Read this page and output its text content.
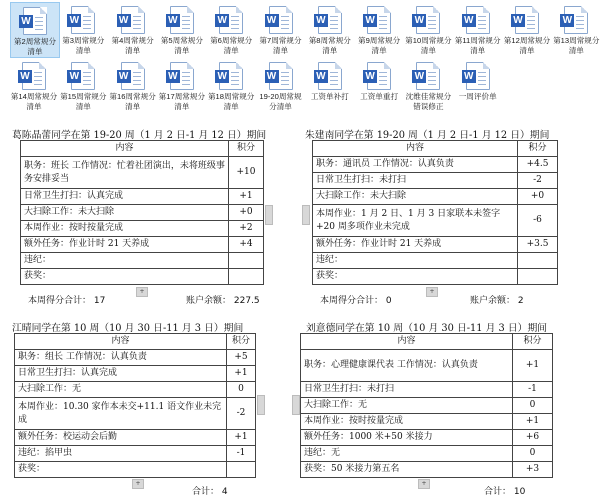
W
第2周常规分清单
W
第3周常规分清单
W
第4周常规分清单
W
第5周常规分清单
W
第6周常规分清单
W
第7周常规分清单
W
第8周常规分清单
W
第9周常规分清单
W
第10周常规分清单
W
第11周常规分清单
W
第12周常规分清单
W
第13周常规分清单
W
第14周常规分清单
W
第15周常规分清单
W
第16周常规分清单
W
第17周常规分清单
W
第18周常规分清单
W
19-20周常规分清单
W
工资单补打
W
工资单重打
W
沈维佳常规分 错误修正
W
一周评价单
葛陈晶蕾同学在第 19-20 周（1 月 2 日-1 月 12 日）期间
内容	积分
职务：班长 工作情况：忙着社团演出，未将班级事务安排妥当	+10
日常卫生打扫：认真完成	+1
大扫除工作：未大扫除	+0
本周作业：按时按量完成	+2
额外任务：作业计时 21 天养成	+4
违纪：	
获奖：	
本周得分合计： 17	账户余额： 227.5
+
朱建南同学在第 19-20 周（1 月 2 日-1 月 12 日）期间
内容	积分
职务：通讯员 工作情况：认真负责	+4.5
日常卫生打扫：未打扫	-2
大扫除工作：未大扫除	+0
本周作业：1 月 2 日、1 月 3 日家联本未签字+20 周多项作业未完成	-6
额外任务：作业计时 21 天养成	+3.5
违纪：	
获奖：	
本周得分合计： 0	账户余额： 2
+
江晴同学在第 10 周（10 月 30 日-11 月 3 日）期间
内容	积分
职务：组长 工作情况：认真负责	+5
日常卫生打扫：认真完成	+1
大扫除工作：无	0
本周作业：10.30 家作本未交+11.1 语文作业未完成	-2
额外任务：校运动会后勤	+1
违纪：掐甲虫	-1
获奖：	
合计： 4
+
刘意德同学在第 10 周（10 月 30 日-11 月 3 日）期间
内容	积分
职务：心理健康课代表 工作情况：认真负责	+1
日常卫生打扫：未打扫	-1
大扫除工作：无	0
本周作业：按时按量完成	+1
额外任务：1000 米+50 米接力	+6
违纪：无	0
获奖：50 米接力第五名	+3
合计： 10
+
